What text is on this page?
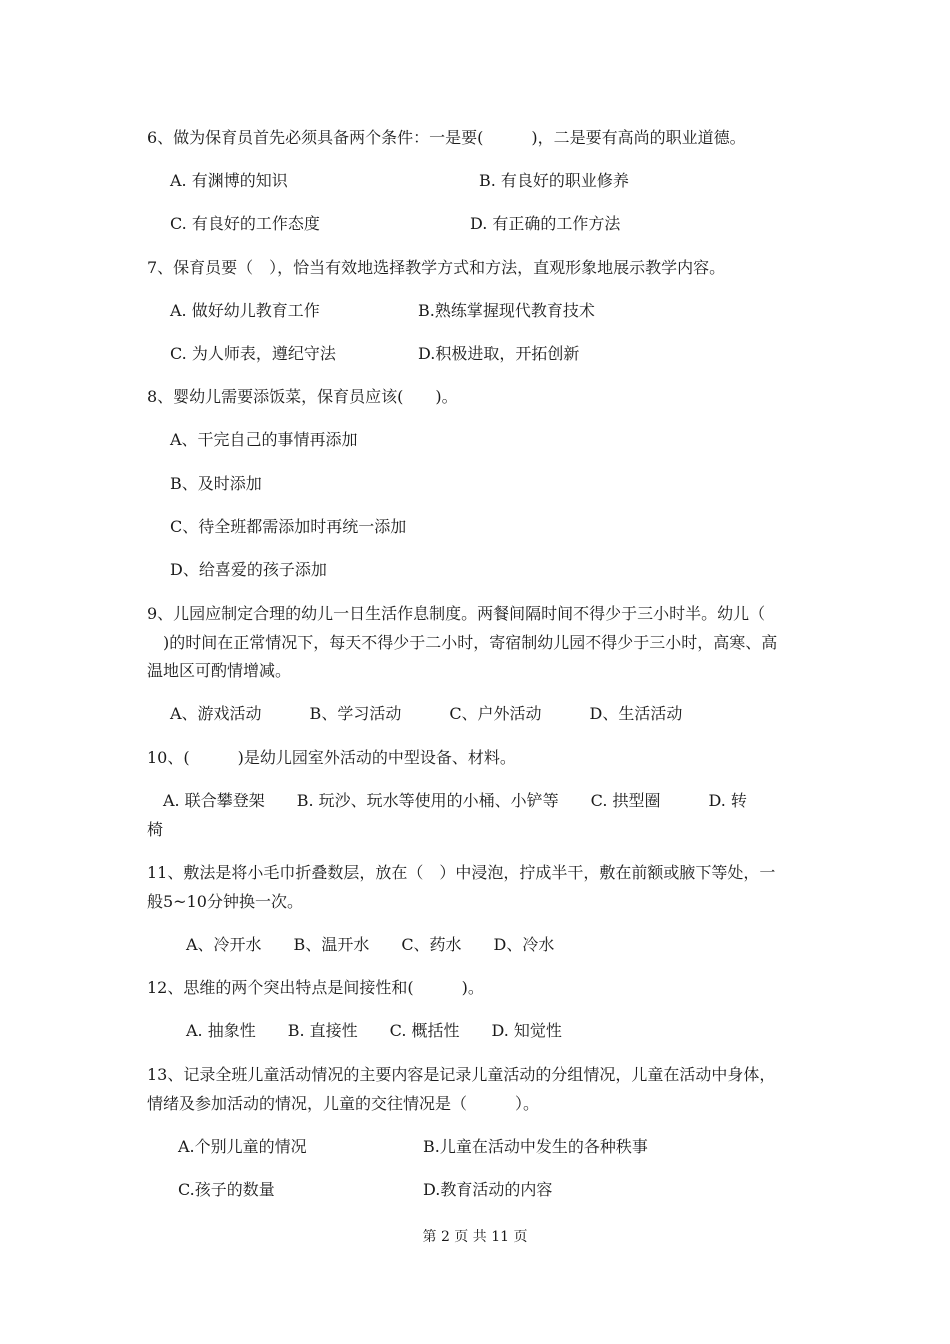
6、做为保育员首先必须具备两个条件：一是要(　　　)，二是要有高尚的职业道德。
A. 有渊博的知识	B. 有良好的职业修养
C. 有良好的工作态度	D. 有正确的工作方法
7、保育员要（　），恰当有效地选择教学方式和方法，直观形象地展示教学内容。
A. 做好幼儿教育工作	B.熟练掌握现代教育技术
C. 为人师表，遵纪守法	D.积极进取，开拓创新
8、婴幼儿需要添饭菜，保育员应该(　　)。
A、干完自己的事情再添加
B、及时添加
C、待全班都需添加时再统一添加
D、给喜爱的孩子添加
9、儿园应制定合理的幼儿一日生活作息制度。两餐间隔时间不得少于三小时半。幼儿（
　)的时间在正常情况下，每天不得少于二小时，寄宿制幼儿园不得少于三小时，高寒、高
温地区可酌情增减。
A、游戏活动　　　B、学习活动　　　C、户外活动　　　D、生活活动
10、(　　　)是幼儿园室外活动的中型设备、材料。
　A. 联合攀登架　　B. 玩沙、玩水等使用的小桶、小铲等　　C. 拱型圈　　　D. 转
椅
11、敷法是将小毛巾折叠数层，放在（　）中浸泡，拧成半干，敷在前额或腋下等处，一
般5~10分钟换一次。
　A、冷开水　　B、温开水　　C、药水　　D、冷水
12、思维的两个突出特点是间接性和(　　　)。
　A. 抽象性　　B. 直接性　　C. 概括性　　D. 知觉性
13、记录全班儿童活动情况的主要内容是记录儿童活动的分组情况，儿童在活动中身体，
情绪及参加活动的情况，儿童的交往情况是（　　　）。
A.个别儿童的情况	B.儿童在活动中发生的各种秩事
C.孩子的数量	D.教育活动的内容
第 2 页 共 11 页
